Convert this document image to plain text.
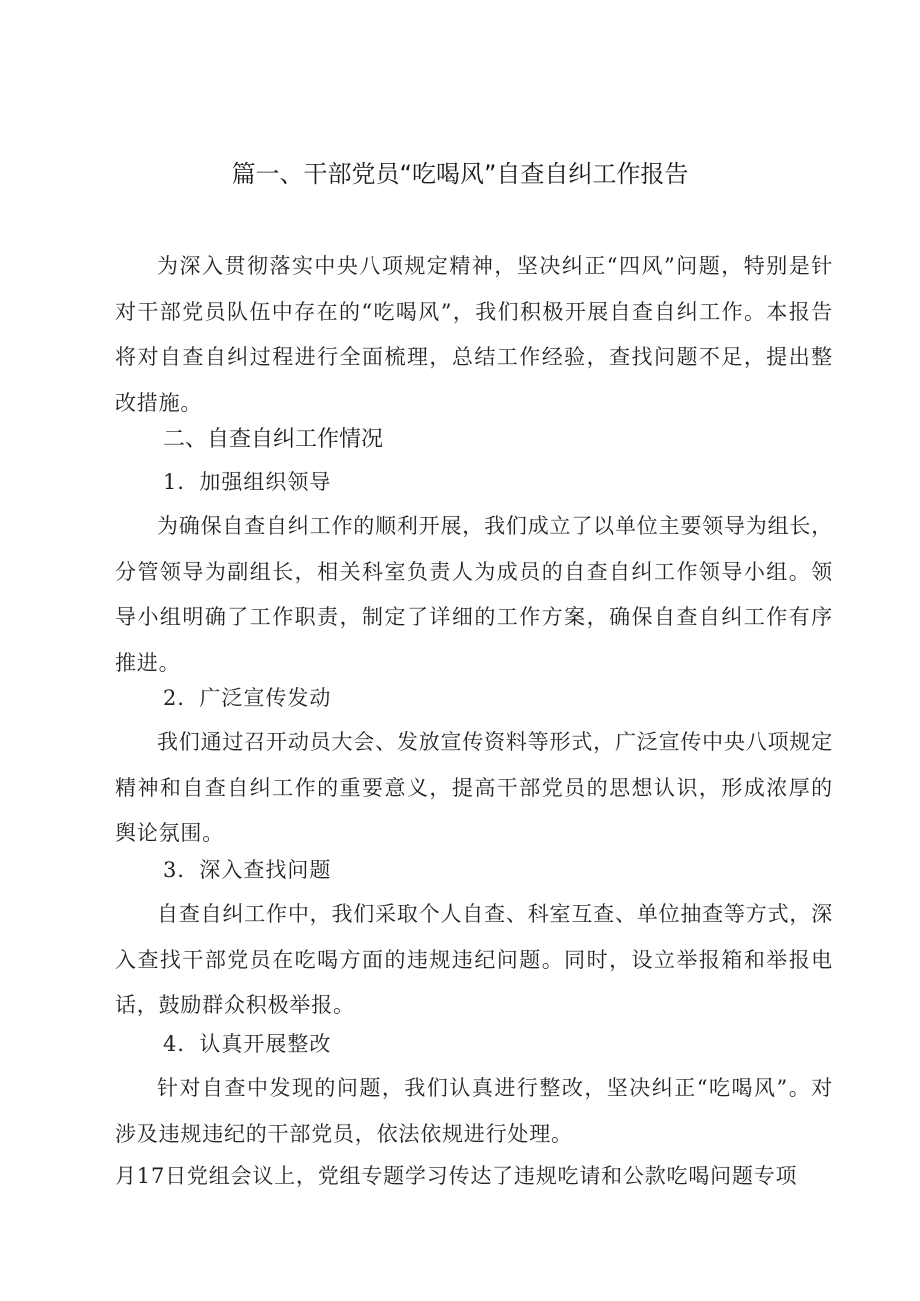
篇一、干部党员“吃喝风”自查自纠工作报告

为深入贯彻落实中央八项规定精神，坚决纠正“四风”问题，特别是针对干部党员队伍中存在的“吃喝风”，我们积极开展自查自纠工作。本报告将对自查自纠过程进行全面梳理，总结工作经验，查找问题不足，提出整改措施。

二、自查自纠工作情况
1．加强组织领导

为确保自查自纠工作的顺利开展，我们成立了以单位主要领导为组长，分管领导为副组长，相关科室负责人为成员的自查自纠工作领导小组。领导小组明确了工作职责，制定了详细的工作方案，确保自查自纠工作有序推进。

2．广泛宣传发动

我们通过召开动员大会、发放宣传资料等形式，广泛宣传中央八项规定精神和自查自纠工作的重要意义，提高干部党员的思想认识，形成浓厚的舆论氛围。

3．深入查找问题

自查自纠工作中，我们采取个人自查、科室互查、单位抽查等方式，深入查找干部党员在吃喝方面的违规违纪问题。同时，设立举报箱和举报电话，鼓励群众积极举报。

4．认真开展整改

针对自查中发现的问题，我们认真进行整改，坚决纠正“吃喝风”。对涉及违规违纪的干部党员，依法依规进行处理。

月17日党组会议上，党组专题学习传达了违规吃请和公款吃喝问题专项
